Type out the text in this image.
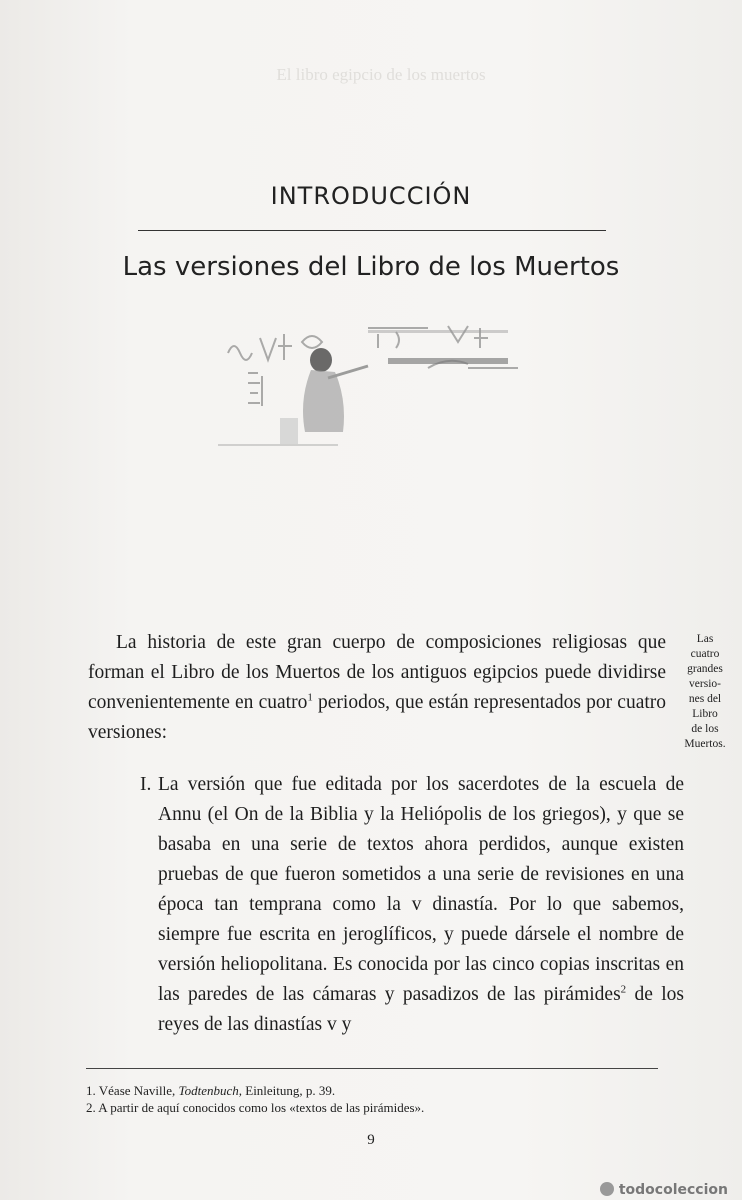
El libro egipcio de los muertos

INTRODUCCIÓN
Las versiones del Libro de los Muertos
La historia de este gran cuerpo de composiciones religiosas que forman el Libro de los Muertos de los antiguos egipcios puede dividirse convenientemente en cuatro$^1$ periodos, que están representados por cuatro versiones:
Las
cuatro
grandes
versio-
nes del
Libro
de los
Muertos.
I. La versión que fue editada por los sacerdotes de la escuela de Annu (el On de la Biblia y la Heliópolis de los griegos), y que se basaba en una serie de textos ahora perdidos, aunque existen pruebas de que fueron sometidos a una serie de revisiones en una época tan temprana como la v dinastía. Por lo que sabemos, siempre fue escrita en jeroglíficos, y puede dársele el nombre de versión heliopolitana. Es conocida por las cinco copias inscritas en las paredes de las cámaras y pasadizos de las pirámides$^2$ de los reyes de las dinastías v y
1. Véase Naville, Todtenbuch, Einleitung, p. 39.
2. A partir de aquí conocidos como los «textos de las pirámides».
9
todocoleccion
